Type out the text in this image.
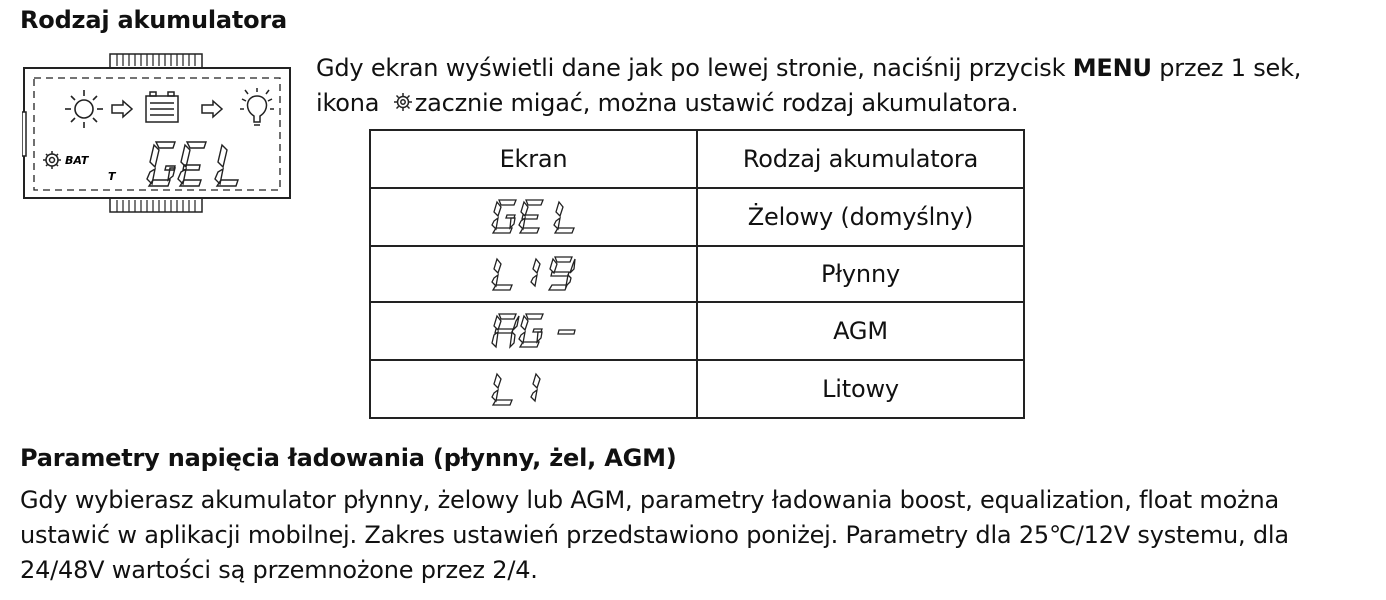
Rodzaj akumulatora
BAT
T
Gdy ekran wyświetli dane jak po lewej stronie, naciśnij przycisk MENU przez 1 sek,
ikona zacznie migać, można ustawić rodzaj akumulatora.
Ekran	Rodzaj akumulatora

	Żelowy (domyślny)

	Płynny

	AGM

	Litowy
Parametry napięcia ładowania (płynny, żel, AGM)
Gdy wybierasz akumulator płynny, żelowy lub AGM, parametry ładowania boost, equalization, float można
ustawić w aplikacji mobilnej. Zakres ustawień przedstawiono poniżej. Parametry dla 25℃/12V systemu, dla
24/48V wartości są przemnożone przez 2/4.
